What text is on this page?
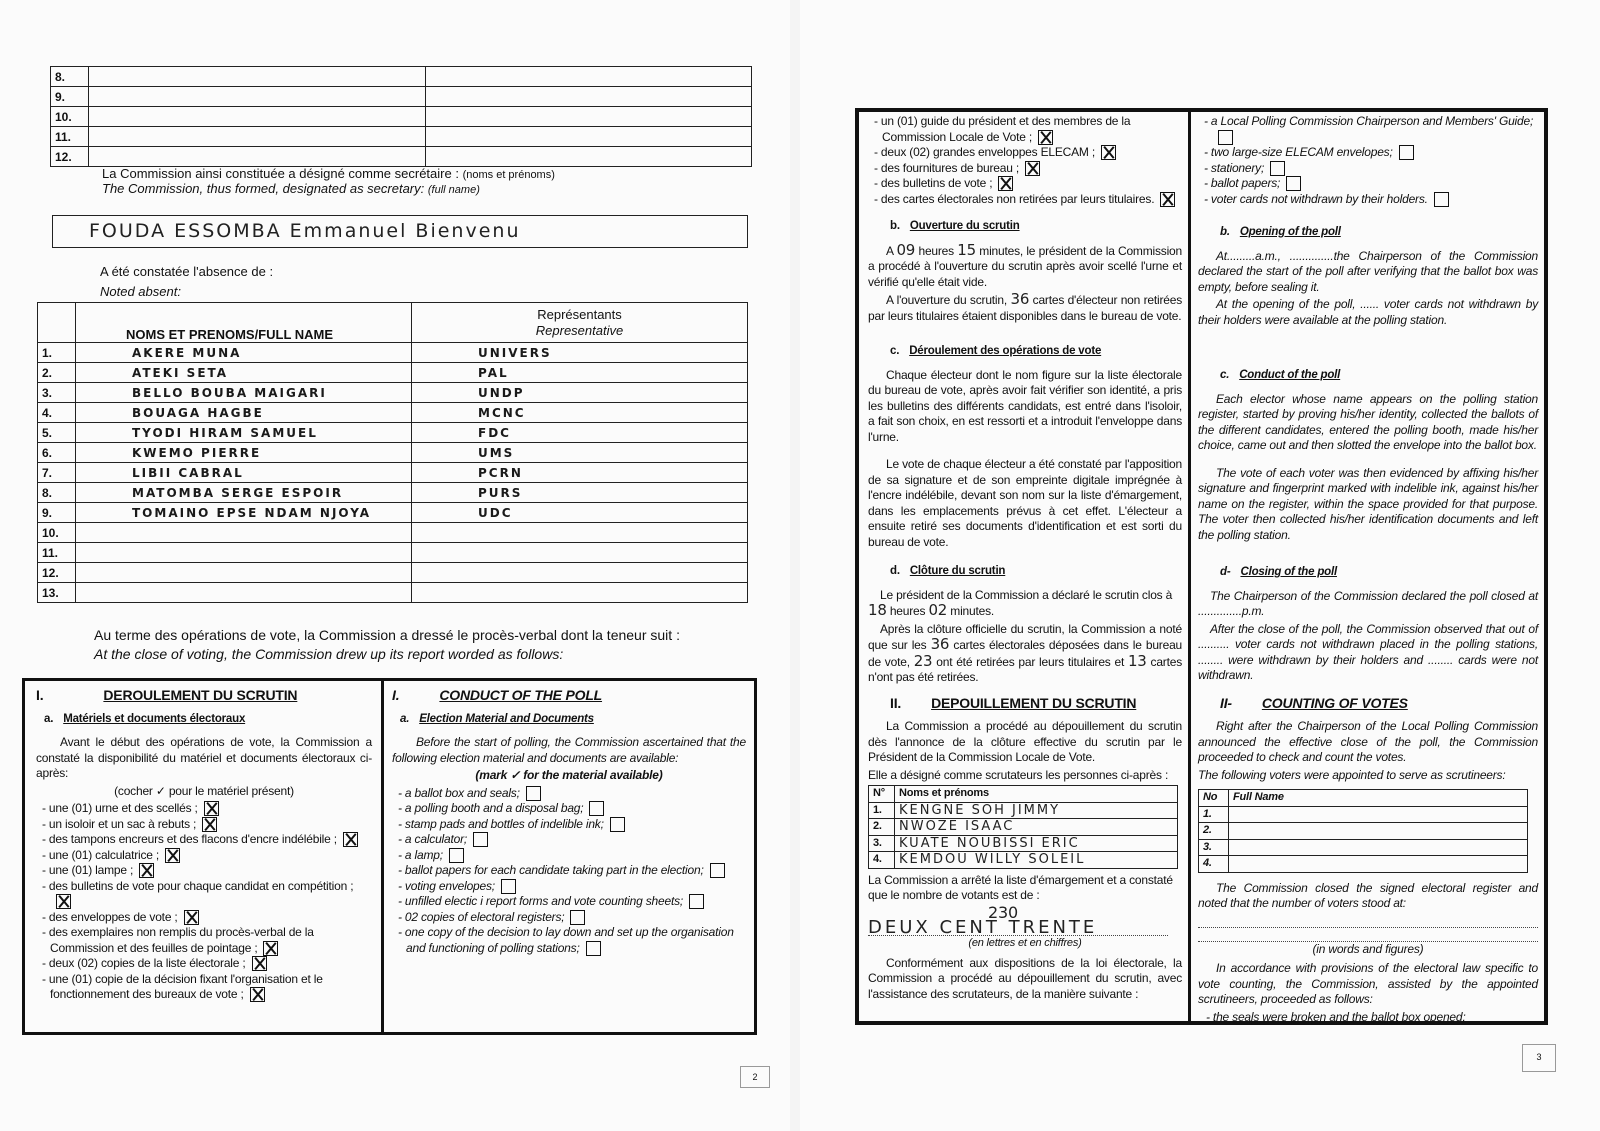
8.		
9.		
10.		
11.		
12.		
La Commission ainsi constituée a désigné comme secrétaire : (noms et prénoms)
The Commission, thus formed, designated as secretary: (full name)
FOUDA ESSOMBA Emmanuel Bienvenu
A été constatée l'absence de :
Noted absent:
	NOMS ET PRENOMS/FULL NAME	Représentants
Representative
1.	AKERE MUNA	UNIVERS
2.	ATEKI SETA	PAL
3.	BELLO BOUBA MAIGARI	UNDP
4.	BOUAGA HAGBE	MCNC
5.	TYODI HIRAM SAMUEL	FDC
6.	KWEMO PIERRE	UMS
7.	LIBII CABRAL	PCRN
8.	MATOMBA SERGE ESPOIR	PURS
9.	TOMAINO EPSE NDAM NJOYA	UDC
10.		
11.		
12.		
13.		
Au terme des opérations de vote, la Commission a dressé le procès-verbal dont la teneur suit :
At the close of voting, the Commission drew up its report worded as follows:
I.	DEROULEMENT DU SCRUTIN
a. Matériels et documents électoraux

Avant le début des opérations de vote, la Commission a constaté la disponibilité du matériel et documents électoraux ci-après:

(cocher ✓ pour le matériel présent)

- une (01) urne et des scellés ;
- un isoloir et un sac à rebuts ;
- des tampons encreurs et des flacons d'encre indélébile ;
- une (01) calculatrice ;
- une (01) lampe ;
- des bulletins de vote pour chaque candidat en compétition ;
- des enveloppes de vote ;
- des exemplaires non remplis du procès-verbal de la Commission et des feuilles de pointage ;
- deux (02) copies de la liste électorale ;
- une (01) copie de la décision fixant l'organisation et le fonctionnement des bureaux de vote ;
I.	CONDUCT OF THE POLL
a. Election Material and Documents

Before the start of polling, the Commission ascertained that the following election material and documents are available:

(mark ✓ for the material available)

- a ballot box and seals;
- a polling booth and a disposal bag;
- stamp pads and bottles of indelible ink;
- a calculator;
- a lamp;
- ballot papers for each candidate taking part in the election;
- voting envelopes;
- unfilled electic i report forms and vote counting sheets;
- 02 copies of electoral registers;
- one copy of the decision to lay down and set up the organisation and functioning of polling stations;
2
- un (01) guide du président et des membres de la Commission Locale de Vote ;
- deux (02) grandes enveloppes ELECAM ;
- des fournitures de bureau ;
- des bulletins de vote ;
- des cartes électorales non retirées par leurs titulaires.
b. Ouverture du scrutin

A 09 heures 15 minutes, le président de la Commission a procédé à l'ouverture du scrutin après avoir scellé l'urne et vérifié qu'elle était vide.

A l'ouverture du scrutin, 36 cartes d'électeur non retirées par leurs titulaires étaient disponibles dans le bureau de vote.

c. Déroulement des opérations de vote

Chaque électeur dont le nom figure sur la liste électorale du bureau de vote, après avoir fait vérifier son identité, a pris les bulletins des différents candidats, est entré dans l'isoloir, a fait son choix, en est ressorti et a introduit l'enveloppe dans l'urne.

Le vote de chaque électeur a été constaté par l'apposition de sa signature et de son empreinte digitale imprégnée à l'encre indélébile, devant son nom sur la liste d'émargement, dans les emplacements prévus à cet effet. L'électeur a ensuite retiré ses documents d'identification et est sorti du bureau de vote.

d. Clôture du scrutin

Le président de la Commission a déclaré le scrutin clos à 18 heures 02 minutes.

Après la clôture officielle du scrutin, la Commission a noté que sur les 36 cartes électorales déposées dans le bureau de vote, 23 ont été retirées par leurs titulaires et 13 cartes n'ont pas été retirées.

II. DEPOUILLEMENT DU SCRUTIN

La Commission a procédé au dépouillement du scrutin dès l'annonce de la clôture effective du scrutin par le Président de la Commission Locale de Vote.

Elle a désigné comme scrutateurs les personnes ci-après :

N°	Noms et prénoms
1.	KENGNE SOH JIMMY
2.	NWOZE ISAAC
3.	KUATE NOUBISSI ERIC
4.	KEMDOU WILLY SOLEIL

La Commission a arrêté la liste d'émargement et a constaté que le nombre de votants est de :

230
DEUX CENT TRENTE

(en lettres et en chiffres)

Conformément aux dispositions de la loi électorale, la Commission a procédé au dépouillement du scrutin, avec l'assistance des scrutateurs, de la manière suivante :

- a Local Polling Commission Chairperson and Members' Guide;
- two large-size ELECAM envelopes;
- stationery;
- ballot papers;
- voter cards not withdrawn by their holders.
b. Opening of the poll

At.........a.m., ..............the Chairperson of the Commission declared the start of the poll after verifying that the ballot box was empty, before sealing it.

At the opening of the poll, ...... voter cards not withdrawn by their holders were available at the polling station.

c. Conduct of the poll

Each elector whose name appears on the polling station register, started by proving his/her identity, collected the ballots of the different candidates, entered the polling booth, made his/her choice, came out and then slotted the envelope into the ballot box.

The vote of each voter was then evidenced by affixing his/her signature and fingerprint marked with indelible ink, against his/her name on the register, within the space provided for that purpose. The voter then collected his/her identification documents and left the polling station.

d- Closing of the poll

The Chairperson of the Commission declared the poll closed at ..............p.m.

After the close of the poll, the Commission observed that out of .......... voter cards not withdrawn placed in the polling stations, ........ were withdrawn by their holders and ........ cards were not withdrawn.

II- COUNTING OF VOTES

Right after the Chairperson of the Local Polling Commission announced the effective close of the poll, the Commission proceeded to check and count the votes.

The following voters were appointed to serve as scrutineers:

No	Full Name
1.	
2.	
3.	
4.	

The Commission closed the signed electoral register and noted that the number of voters stood at:

(in words and figures)

In accordance with provisions of the electoral law specific to vote counting, the Commission, assisted by the appointed scrutineers, proceeded as follows:

- the seals were broken and the ballot box opened;

3
